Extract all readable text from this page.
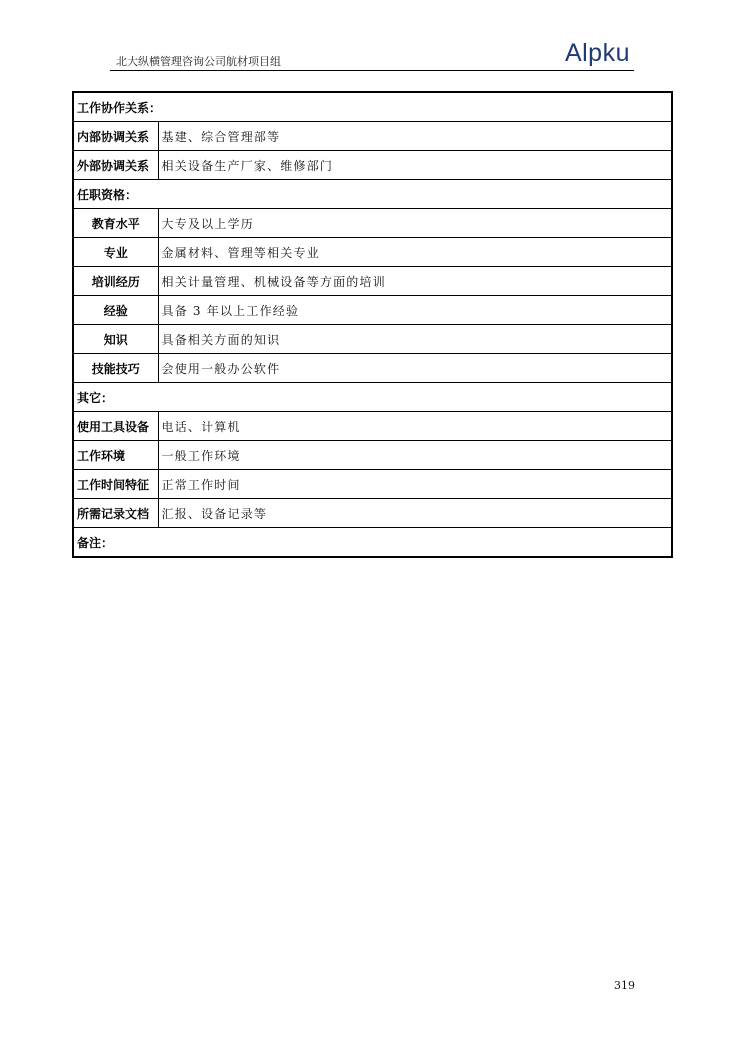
北大纵横管理咨询公司航材项目组	Alpku
工作协作关系：	
内部协调关系	基建、综合管理部等
外部协调关系	相关设备生产厂家、维修部门
任职资格：	
教育水平	大专及以上学历
专业	金属材料、管理等相关专业
培训经历	相关计量管理、机械设备等方面的培训
经验	具备 3 年以上工作经验
知识	具备相关方面的知识
技能技巧	会使用一般办公软件
其它：	
使用工具设备	电话、计算机
工作环境	一般工作环境
工作时间特征	正常工作时间
所需记录文档	汇报、设备记录等
备注：	
319
